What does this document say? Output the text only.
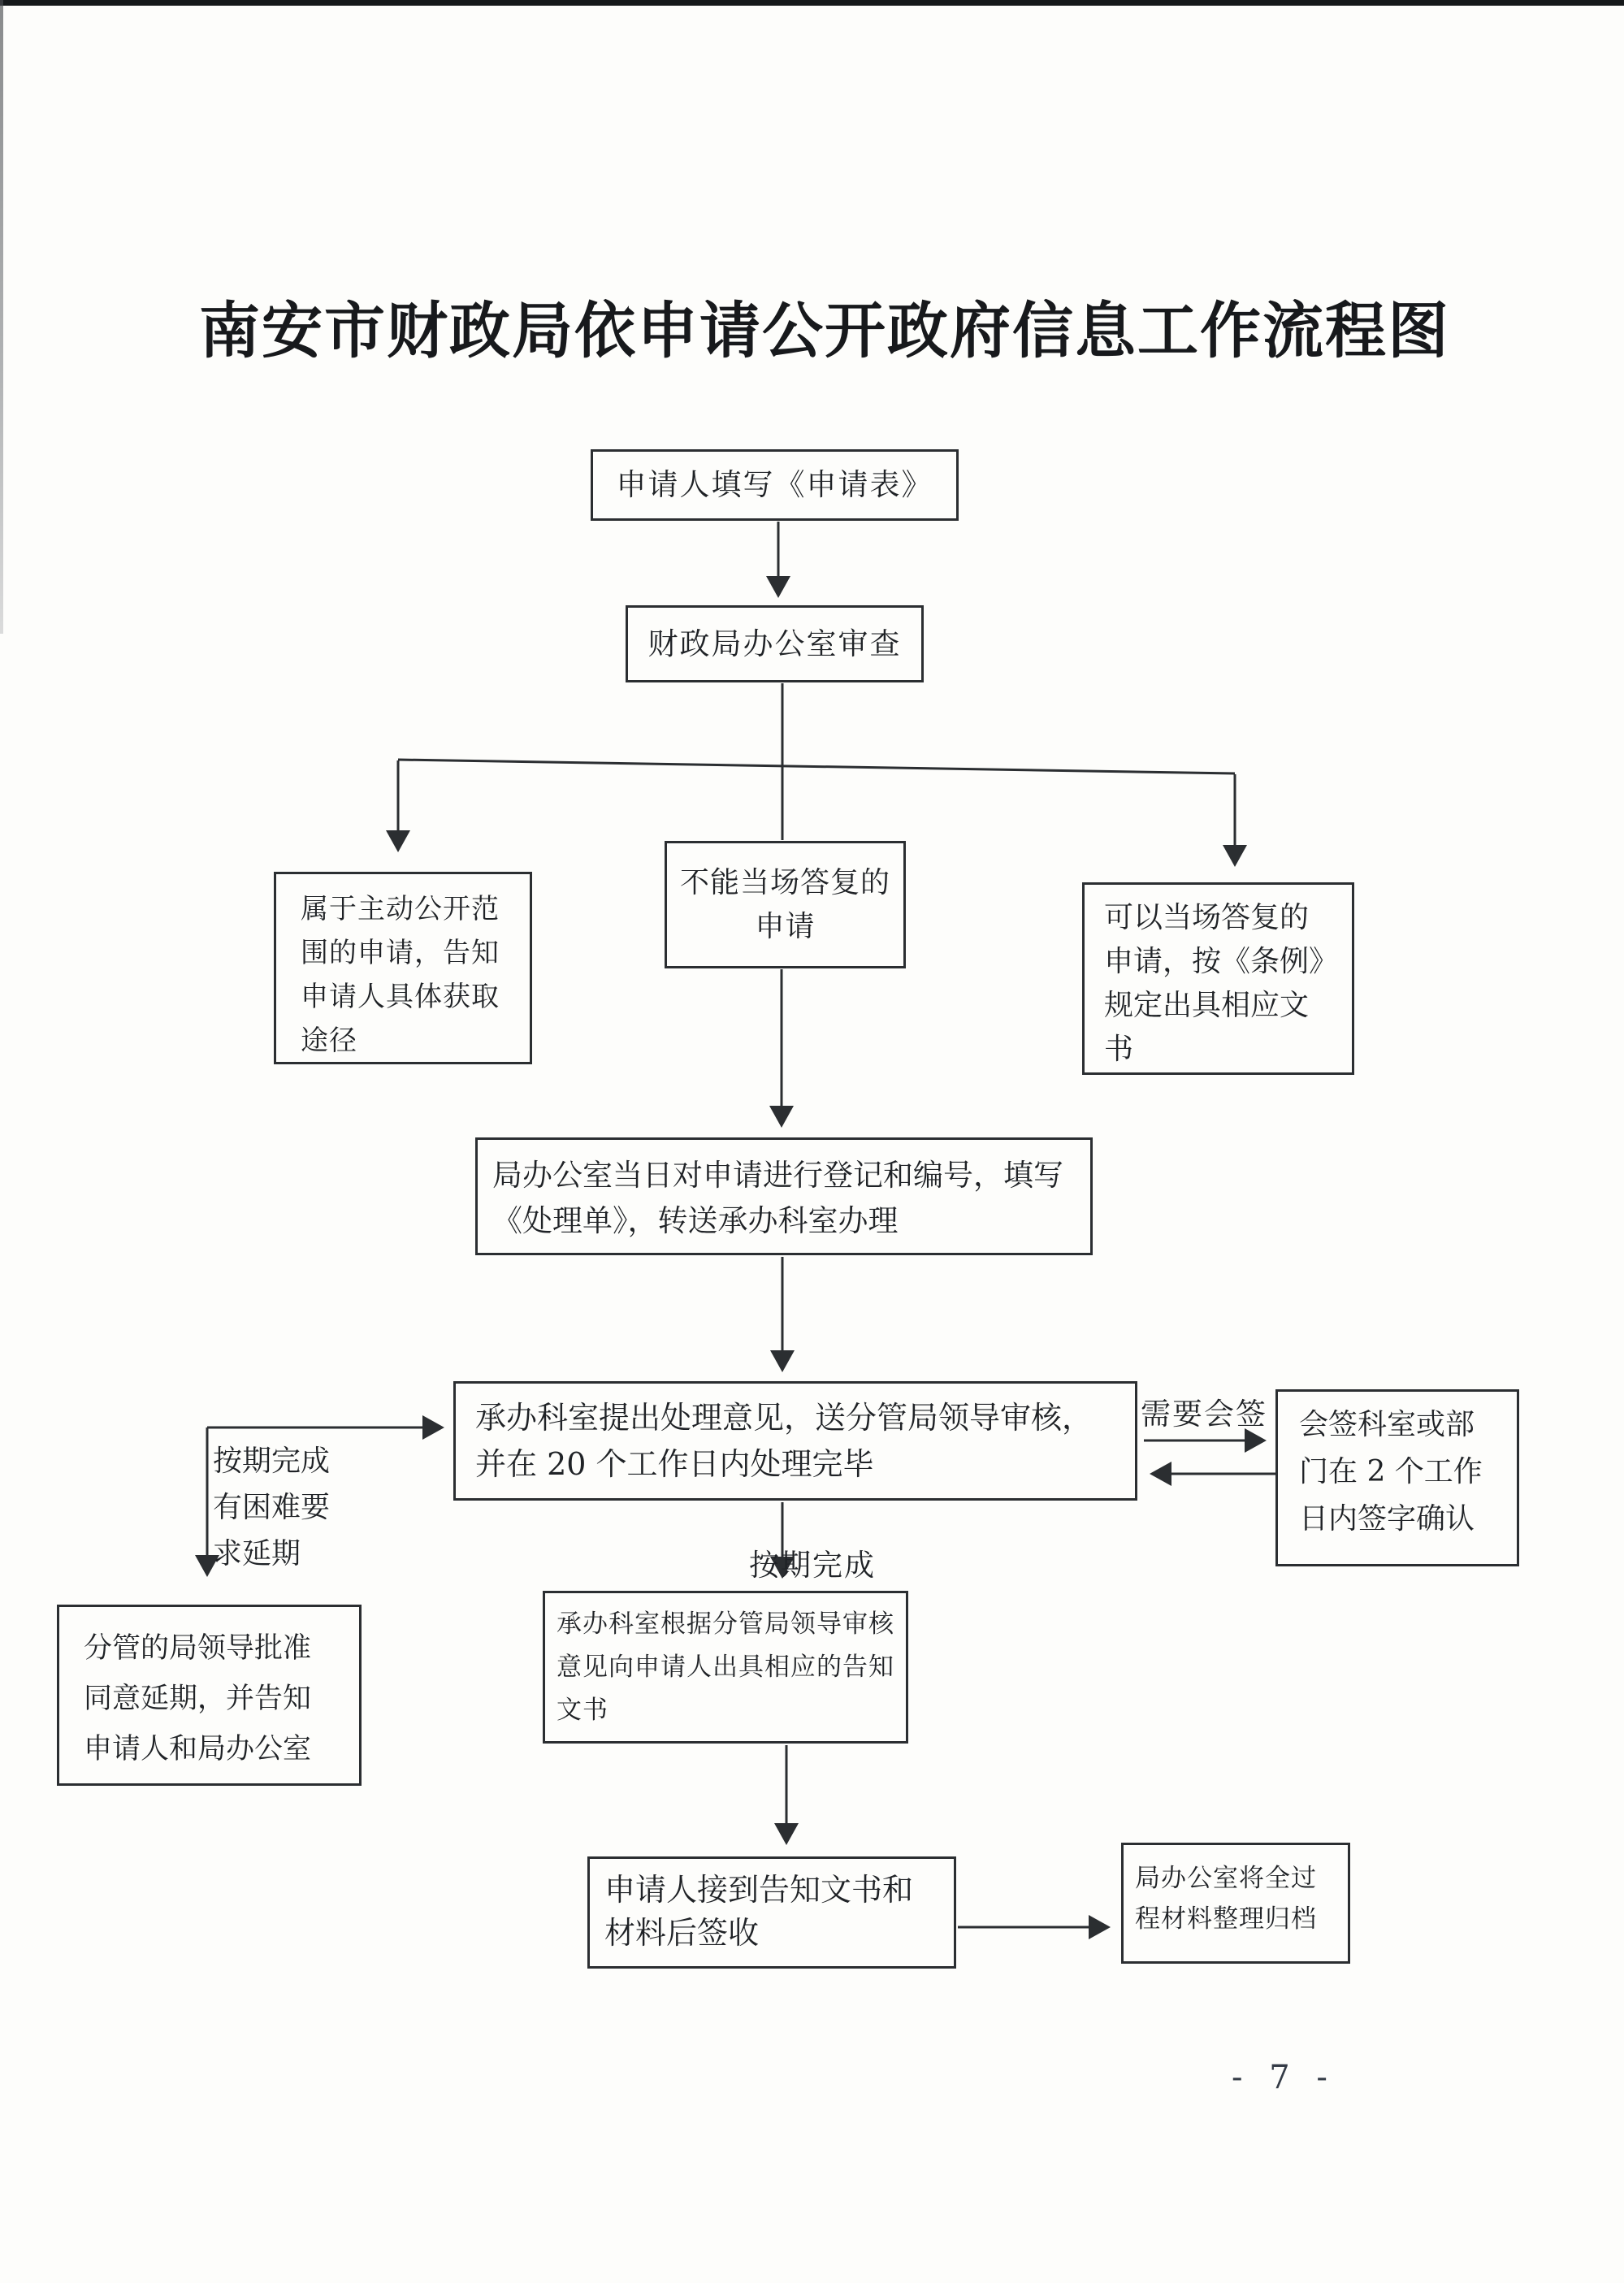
南安市财政局依申请公开政府信息工作流程图
申请人填写《申请表》
财政局办公室审查
属于主动公开范围的申请，告知申请人具体获取途径
不能当场答复的申请	可以当场答复的申请，按《条例》规定出具相应文书
局办公室当日对申请进行登记和编号，填写《处理单》，转送承办科室办理
承办科室提出处理意见，送分管局领导审核，并在 20 个工作日内处理完毕
分管的局领导批准同意延期，并告知申请人和局办公室
会签科室或部门在 2 个工作日内签字确认
承办科室根据分管局领导审核意见向申请人出具相应的告知文书
申请人接到告知文书和材料后签收
局办公室将全过程材料整理归档
需要会签
按期完成有困难要求延期	按期完成
- 7 -
